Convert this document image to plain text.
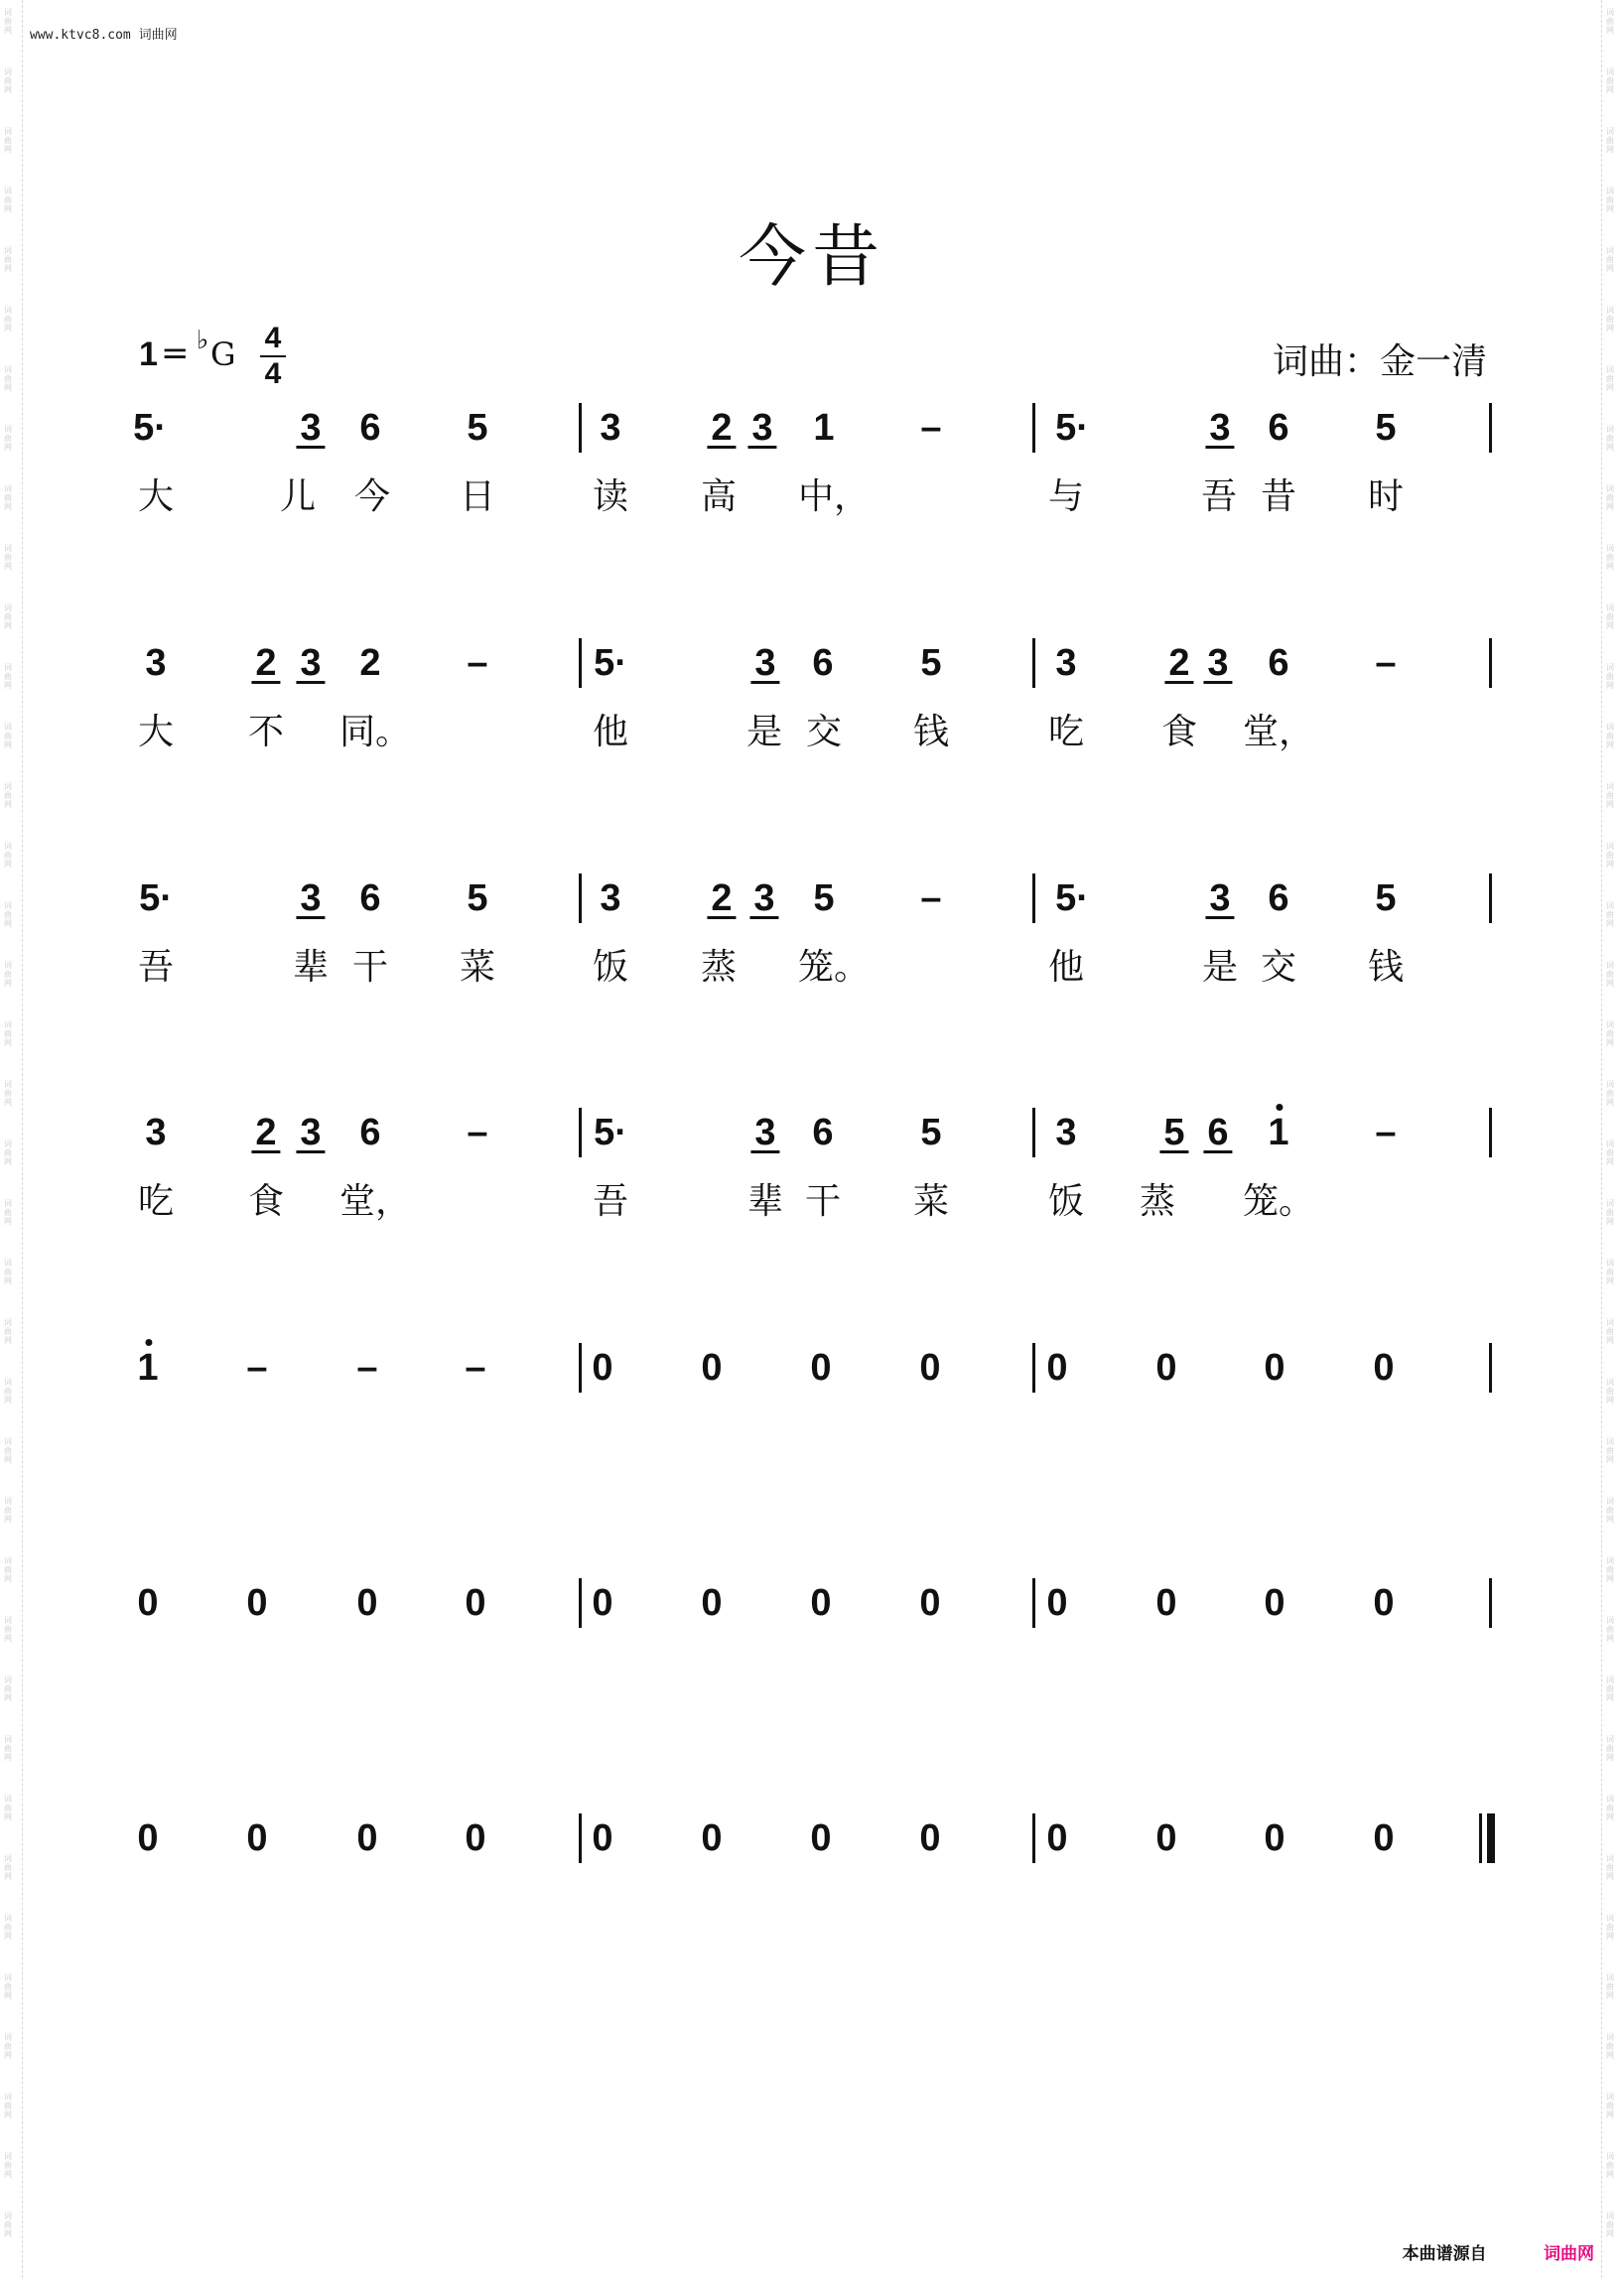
词曲网
词曲网
词曲网
词曲网
词曲网
词曲网
词曲网
词曲网
词曲网
词曲网
词曲网
词曲网
词曲网
词曲网
词曲网
词曲网
词曲网
词曲网
词曲网
词曲网
词曲网
词曲网
词曲网
词曲网
词曲网
词曲网
词曲网
词曲网
词曲网
词曲网
词曲网
词曲网
词曲网
词曲网
词曲网
词曲网
词曲网
词曲网
词曲网
词曲网
词曲网
词曲网
词曲网
词曲网
词曲网
词曲网
词曲网
词曲网
词曲网
词曲网
词曲网
词曲网
词曲网
词曲网
词曲网
词曲网
词曲网
词曲网
词曲网
词曲网
词曲网
词曲网
词曲网
词曲网
词曲网
词曲网
词曲网
词曲网
词曲网
词曲网
词曲网
词曲网
词曲网
词曲网
词曲网
词曲网
www.ktvc8.com 词曲网
今昔
1 = ♭ G 4
4	词曲：金一清
5·	3 6 5	3 2 3 1 –	5·	3 6 5
大	儿 今 日	读 高 中，	与	吾 昔 时
3 2 3 2 –	5·	3 6 5	3 2 3 6 –
大 不 同。	他	是 交 钱	吃 食 堂，
5·	3 6 5	3 2 3 5 –	5·	3 6 5
吾	辈 干 菜	饭 蒸 笼。	他	是 交 钱
3 2 3 6 –	5·	3 6 5	3 5 6 1 –
吃 食 堂，	吾	辈 干 菜	饭 蒸 笼。
1 – – –	0 0 0 0	0 0 0 0
0 0 0 0	0 0 0 0	0 0 0 0
0 0 0 0	0 0 0 0	0 0 0 0
本曲谱源自	词曲网
